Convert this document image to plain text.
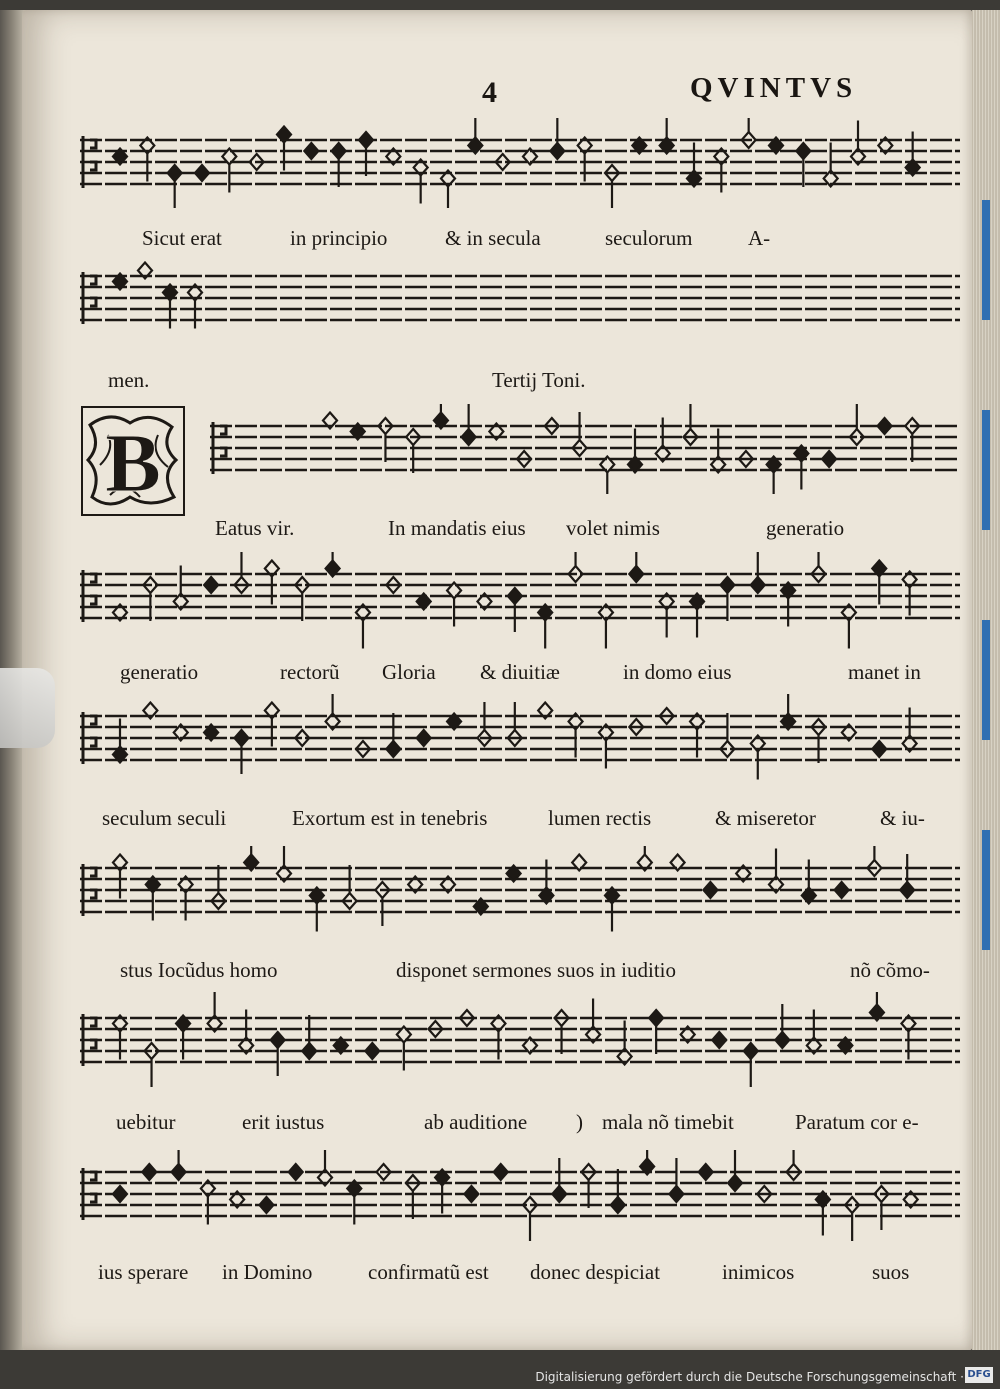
4	QVINTVS
B
Sicut erat	in principio	& in secula	seculorum	A-
men.	Tertij Toni.
Eatus vir.	In mandatis eius volet nimis	generatio
generatio	rectorũ Gloria & diuitiæ	in domo eius	manet in
seculum seculi	Exortum est in tenebris	lumen rectis	& miseretor	& iu-
stus Iocũdus homo	disponet sermones suos in iuditio	nõ cõmo-
uebitur	erit iustus	ab auditione ) mala nõ timebit	Paratum cor e-
ius sperare in Domino	confirmatũ est donec despiciat	inimicos	suos
Digitalisierung gefördert durch die Deutsche Forschungsgemeinschaft · DFG
